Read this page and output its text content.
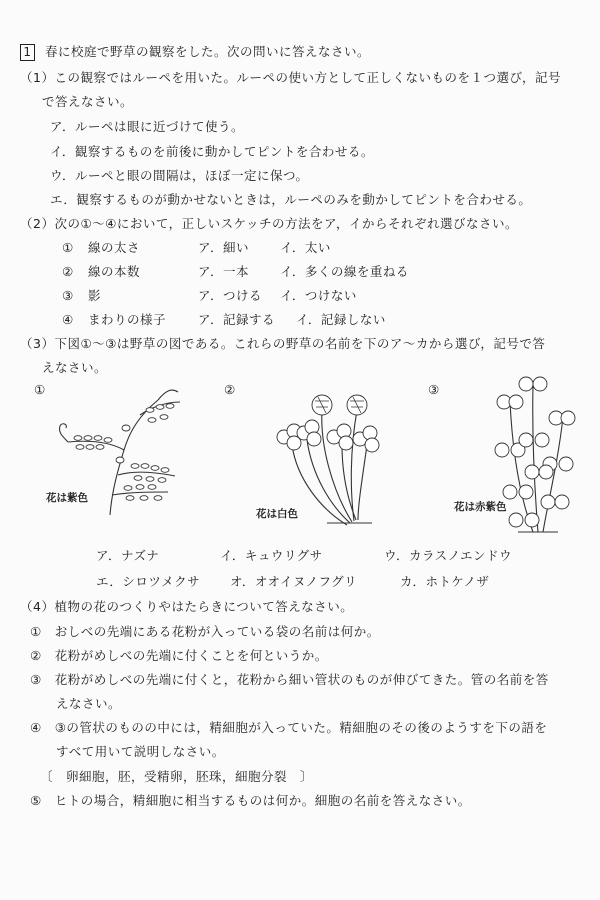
1 春に校庭で野草の観察をした。次の問いに答えなさい。
（1）この観察ではルーペを用いた。ルーペの使い方として正しくないものを１つ選び，記号
で答えなさい。
ア．ルーペは眼に近づけて使う。
イ．観察するものを前後に動かしてピントを合わせる。
ウ．ルーペと眼の間隔は，ほぼ一定に保つ。
エ．観察するものが動かせないときは，ルーペのみを動かしてピントを合わせる。
（2）次の①～④において，正しいスケッチの方法をア，イからそれぞれ選びなさい。
① 線の太さ	ア．細い イ．太い
② 線の本数	ア．一本 イ．多くの線を重ねる
③ 影	ア．つける イ．つけない
④ まわりの様子	ア．記録する イ．記録しない
（3）下図①～③は野草の図である。これらの野草の名前を下のア～カから選び，記号で答
えなさい。
①	②	③
花は紫色
花は白色
花は赤紫色
ア．ナズナ	イ．キュウリグサ	ウ．カラスノエンドウ
エ．シロツメクサ オ．オオイヌノフグリ	カ．ホトケノザ
（4）植物の花のつくりやはたらきについて答えなさい。
①　おしべの先端にある花粉が入っている袋の名前は何か。
②　花粉がめしべの先端に付くことを何というか。
③　花粉がめしべの先端に付くと，花粉から細い管状のものが伸びてきた。管の名前を答
えなさい。
④　③の管状のものの中には，精細胞が入っていた。精細胞のその後のようすを下の語を
すべて用いて説明しなさい。
〔　卵細胞，胚，受精卵，胚珠，細胞分裂　〕
⑤　ヒトの場合，精細胞に相当するものは何か。細胞の名前を答えなさい。
